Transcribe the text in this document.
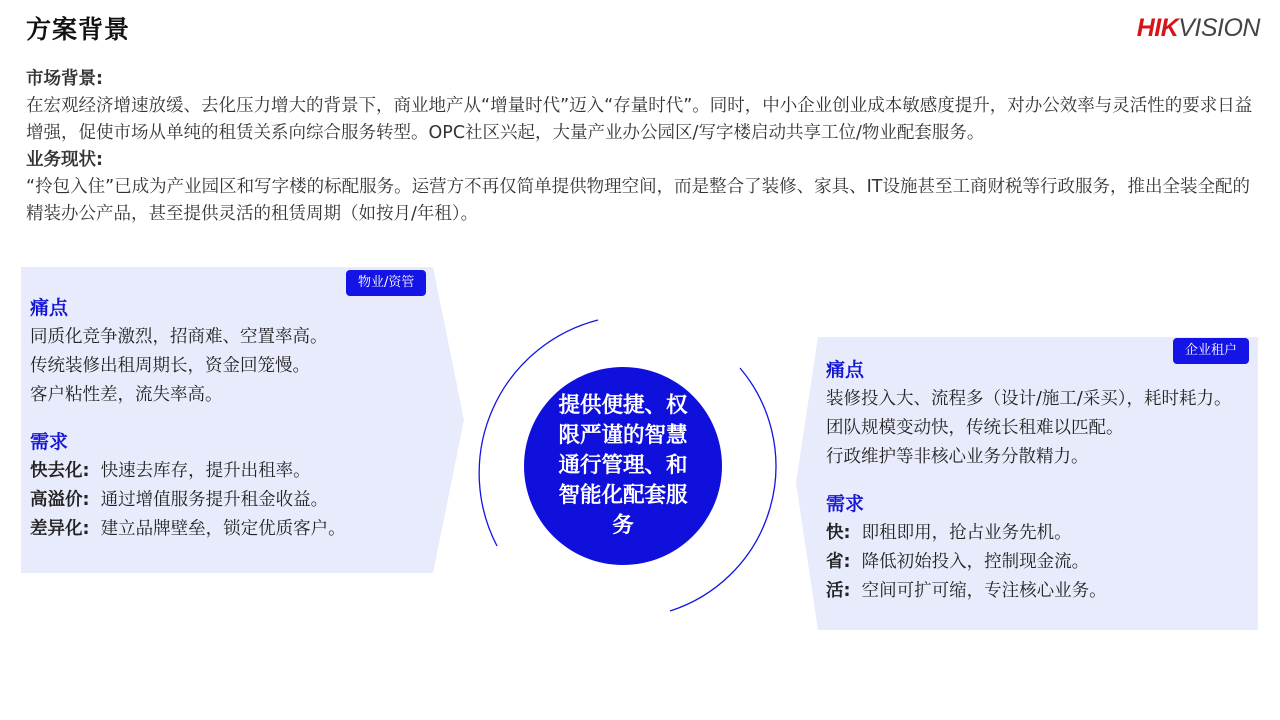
方案背景	HIKVISION

市场背景:

在宏观经济增速放缓、去化压力增大的背景下，商业地产从“增量时代”迈入“存量时代”。同时，中小企业创业成本敏感度提升，对办公效率与灵活性的要求日益增强，促使市场从单纯的租赁关系向综合服务转型。OPC社区兴起，大量产业办公园区/写字楼启动共享工位/物业配套服务。

业务现状:

“拎包入住”已成为产业园区和写字楼的标配服务。运营方不再仅简单提供物理空间，而是整合了装修、家具、IT设施甚至工商财税等行政服务，推出全装全配的精装办公产品，甚至提供灵活的租赁周期（如按月/年租）。

物业/资管
痛点
同质化竞争激烈，招商难、空置率高。
传统装修出租周期长，资金回笼慢。
客户粘性差，流失率高。
需求
快去化: 快速去库存，提升出租率。
高溢价: 通过增值服务提升租金收益。
差异化: 建立品牌壁垒，锁定优质客户。
提供便捷、权限严谨的智慧通行管理、和智能化配套服务
企业租户
痛点
装修投入大、流程多（设计/施工/采买），耗时耗力。
团队规模变动快，传统长租难以匹配。
行政维护等非核心业务分散精力。
需求
快: 即租即用，抢占业务先机。
省: 降低初始投入，控制现金流。
活: 空间可扩可缩，专注核心业务。
